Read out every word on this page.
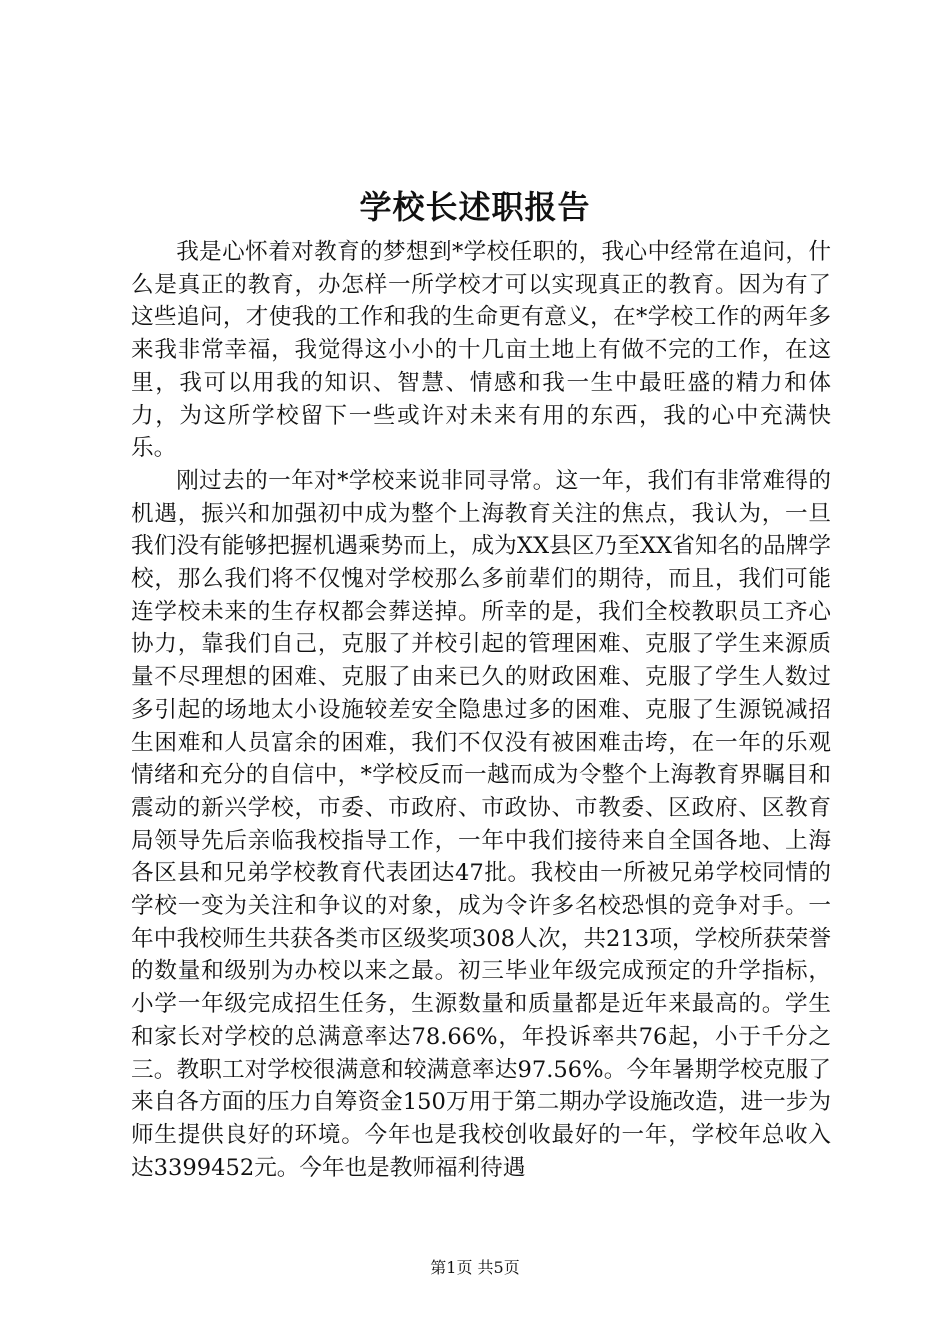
学校长述职报告

我是心怀着对教育的梦想到*学校任职的，我心中经常在追问，什么是真正的教育，办怎样一所学校才可以实现真正的教育。因为有了这些追问，才使我的工作和我的生命更有意义，在*学校工作的两年多来我非常幸福，我觉得这小小的十几亩土地上有做不完的工作，在这里，我可以用我的知识、智慧、情感和我一生中最旺盛的精力和体力，为这所学校留下一些或许对未来有用的东西，我的心中充满快乐。

刚过去的一年对*学校来说非同寻常。这一年，我们有非常难得的机遇，振兴和加强初中成为整个上海教育关注的焦点，我认为，一旦我们没有能够把握机遇乘势而上，成为XX县区乃至XX省知名的品牌学校，那么我们将不仅愧对学校那么多前辈们的期待，而且，我们可能连学校未来的生存权都会葬送掉。所幸的是，我们全校教职员工齐心协力，靠我们自己，克服了并校引起的管理困难、克服了学生来源质量不尽理想的困难、克服了由来已久的财政困难、克服了学生人数过多引起的场地太小设施较差安全隐患过多的困难、克服了生源锐减招生困难和人员富余的困难，我们不仅没有被困难击垮，在一年的乐观情绪和充分的自信中，*学校反而一越而成为令整个上海教育界瞩目和震动的新兴学校，市委、市政府、市政协、市教委、区政府、区教育局领导先后亲临我校指导工作，一年中我们接待来自全国各地、上海各区县和兄弟学校教育代表团达47批。我校由一所被兄弟学校同情的学校一变为关注和争议的对象，成为令许多名校恐惧的竞争对手。一年中我校师生共获各类市区级奖项308人次，共213项，学校所获荣誉的数量和级别为办校以来之最。初三毕业年级完成预定的升学指标，小学一年级完成招生任务，生源数量和质量都是近年来最高的。学生和家长对学校的总满意率达78.66%，年投诉率共76起，小于千分之三。教职工对学校很满意和较满意率达97.56%。今年暑期学校克服了来自各方面的压力自筹资金150万用于第二期办学设施改造，进一步为师生提供良好的环境。今年也是我校创收最好的一年，学校年总收入达3399452元。今年也是教师福利待遇

第1页 共5页
